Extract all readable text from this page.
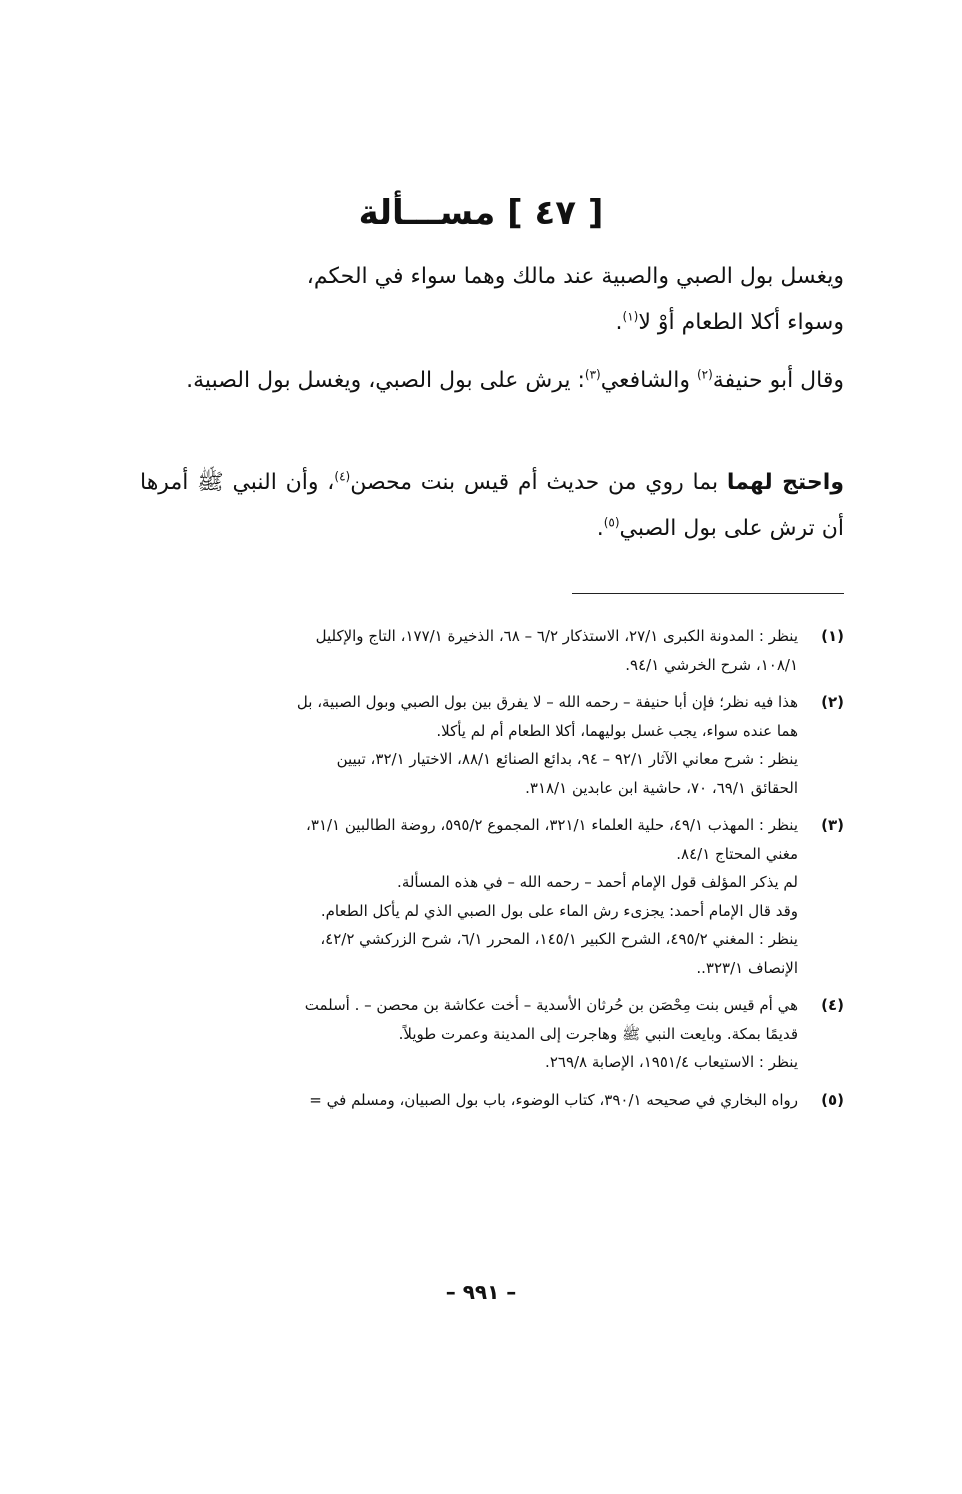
[ ٤٧ ] مســـألة

ويغسل بول الصبي والصبية عند مالك وهما سواء في الحكم،

وسواء أكلا الطعام أوْ لا$^{(١)}$.

وقال أبو حنيفة$^{(٢)}$ والشافعي$^{(٣)}$: يرش على بول الصبي، ويغسل بول الصبية.

واحتج لهما بما روي من حديث أم قيس بنت محصن$^{(٤)}$، وأن النبي ﷺ أمرها أن ترش على بول الصبي$^{(٥)}$.

(١)
ينظر : المدونة الكبرى ٢٧/١، الاستذكار ٦/٢ – ٦٨، الذخيرة ١٧٧/١، التاج والإكليل
١٠٨/١، شرح الخرشي ٩٤/١.
(٢)
هذا فيه نظر؛ فإن أبا حنيفة – رحمه الله – لا يفرق بين بول الصبي وبول الصبية، بل
هما عنده سواء، يجب غسل بوليهما، أكلا الطعام أم لم يأكلا.
ينظر : شرح معاني الآثار ٩٢/١ – ٩٤، بدائع الصنائع ٨٨/١، الاختيار ٣٢/١، تبيين
الحقائق ٦٩/١، ٧٠، حاشية ابن عابدين ٣١٨/١.
(٣)
ينظر : المهذب ٤٩/١، حلية العلماء ٣٢١/١، المجموع ٥٩٥/٢، روضة الطالبين ٣١/١،
مغني المحتاج ٨٤/١.
لم يذكر المؤلف قول الإمام أحمد – رحمه الله – في هذه المسألة.
وقد قال الإمام أحمد: يجزىء رش الماء على بول الصبي الذي لم يأكل الطعام.
ينظر : المغني ٤٩٥/٢، الشرح الكبير ١٤٥/١، المحرر ٦/١، شرح الزركشي ٤٢/٢،
الإنصاف ٣٢٣/١..
(٤)
هي أم قيس بنت مِحْصَن بن حُرثان الأسدية – أخت عكاشة بن محصن – . أسلمت
قديمًا بمكة. وبايعت النبي ﷺ وهاجرت إلى المدينة وعمرت طويلاً.
ينظر : الاستيعاب ١٩٥١/٤، الإصابة ٢٦٩/٨.
(٥)
رواه البخاري في صحيحه ٣٩٠/١، كتاب الوضوء، باب بول الصبيان، ومسلم في =
– ٩٩١ –
